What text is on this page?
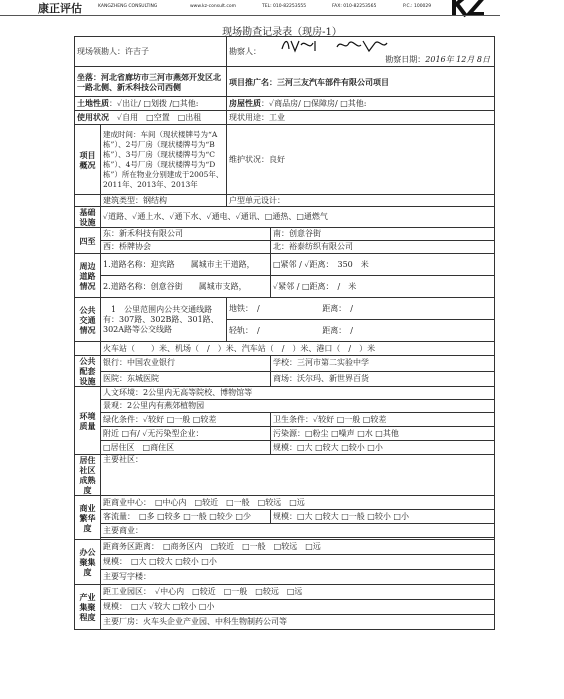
康正评估	KANGZHENG CONSULTING	www.kz-consult.com	TEL: 010-82253555	FAX: 010-82253565	P.C.: 100029
现场勘查记录表（现房-1）
现场领勘人：许吉子		勘察人：
勘察日期：2016年 12月 8日	

坐落：河北省廊坊市三河市燕郊开发区北一路北侧、新禾科技公司西侧		项目推广名：三河三友汽车部件有限公司项目	
土地性质：✓出让/ □划拨 /□其他:		房屋性质：✓商品房/ □保障房/ □其他:	
使用状况　 ✓自用　□空置　□出租		现状用途：工业	
项目概况	建成时间：车间（现状楼牌号为“A栋”）、2号厂房（现状楼牌号为“B栋”）、3号厂房（现状楼牌号为“C栋”）、4号厂房（现状楼牌号为“D栋”）所在物业分别建成于2005年、2011年、2013年、2013年	维护状况：良好	
	建筑类型：钢结构	户型单元设计：	
基础设施	✓道路、✓通上水、✓通下水、✓通电、✓通讯、□通热、□通燃气		
四至	东：新禾科技有限公司		南：创意谷街
	西：桥牌协会		北：裕泰纺织有限公司
周边道路情况	1.道路名称：迎宾路　　属城市主干道路，		□紧邻 / ✓距离：　350　米
	2.道路名称：创意谷街　　属城市支路，		✓紧邻 / □距离：　/　米
公共交通情况	　1　公里范围内公共交通线路有：307路、302B路、301路、302A路等公交线路	地铁：　/ 距离：　/	
		轻轨：　/ 距离：　/	
	火车站（　　）米、机场（　/　）米、汽车站（　/　）米、港口（　/　）米		
公共配套设施	银行：中国农业银行		学校：三河市第二实验中学
	医院：东城医院		商场：沃尔玛、新世界百货
环境质量	人文环境：2公里内无高等院校、博物馆等		
	景观：2公里内有燕郊植物园		
	绿化条件：✓较好 □一般 □较差		卫生条件：✓较好 □一般 □较差
	附近 □有/ ✓无污染型企业：		污染源：□粉尘 □噪声 □水 □其他
	□居住区　□商住区		规模：□大 □较大 □较小 □小
居住社区成熟度	主要社区：		
商业繁华度	距商业中心：　□中心内　□较近　□一般　□较远　□远		
	客流量：　□多 □较多 □一般 □较少 □少		规模：□大 □较大 □一般 □较小 □小
	主要商业：		

办公聚集度	距商务区距离：　□商务区内　□较近　□一般　□较远　□远		
	规模：　□大 □较大 □较小 □小		
	主要写字楼：		
产业集聚程度	距工业园区：　✓中心内　□较近　□一般　□较远　□远		
	规模：　□大 ✓较大 □较小 □小		
	主要厂房：火车头企业产业园、中科生物制药公司等		
